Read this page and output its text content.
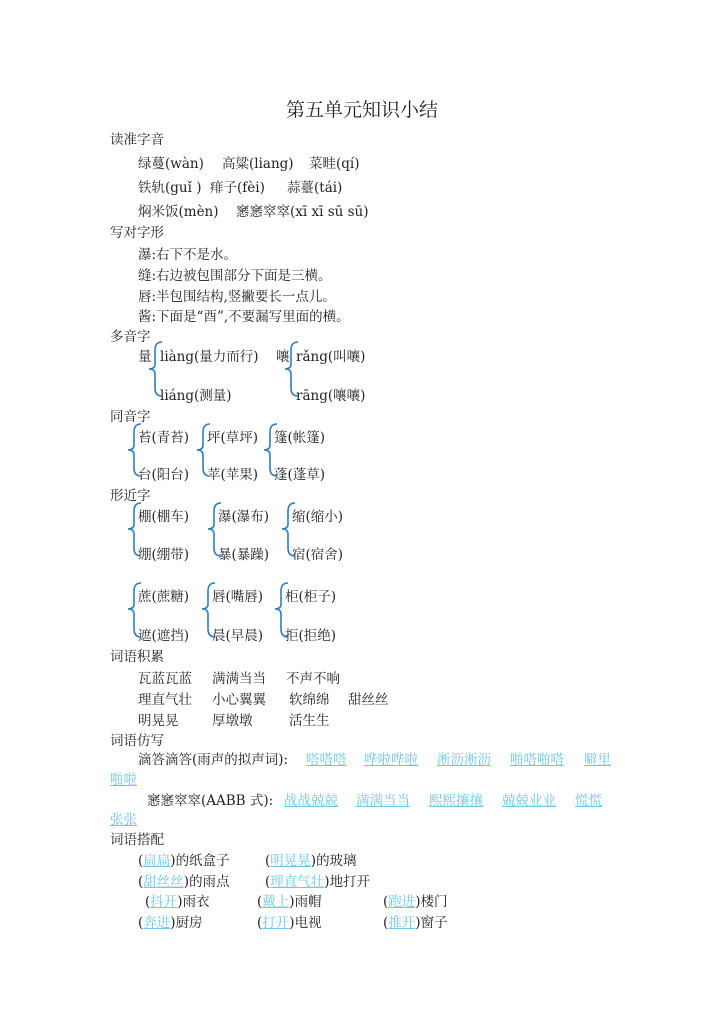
第五单元知识小结
读准字音
绿蔓(wàn) 高粱(liang) 菜畦(qí)
铁轨(guǐ ) 痱子(fèi) 蒜薹(tái)
焖米饭(mèn) 窸窸窣窣(xī xī sū sū)
写对字形
瀑:右下不是水。
缝:右边被包围部分下面是三横。
唇:半包围结构,竖撇要长一点儿。
酱:下面是“酉”,不要漏写里面的横。
多音字
量 liàng(量力而行)
liáng(测量)
嚷 rǎng(叫嚷)
rāng(嚷嚷)
同音字
苔(青苔)
台(阳台)
坪(草坪)
苹(苹果)
篷(帐篷)
蓬(蓬草)
形近字
棚(棚车)
绷(绷带)
瀑(瀑布)
暴(暴躁)
缩(缩小)
宿(宿舍)
蔗(蔗糖)
遮(遮挡)
唇(嘴唇)
晨(早晨)
柜(柜子)
拒(拒绝)
词语积累
瓦蓝瓦蓝 满满当当 不声不响
理直气壮 小心翼翼 软绵绵 甜丝丝
明晃晃 厚墩墩	活生生
词语仿写
滴答滴答(雨声的拟声词): 嗒嗒嗒 哗啦哗啦 淅沥淅沥 啪嗒啪嗒 噼里
啪啦
窸窸窣窣(AABB 式): 战战兢兢 满满当当 熙熙攘攘 兢兢业业 慌慌
张张
词语搭配
(扁扁)的纸盒子	(明晃晃)的玻璃
(甜丝丝)的雨点	(理直气壮)地打开
(抖开)雨衣	(戴上)雨帽	(跑进)楼门
(奔进)厨房	(打开)电视	(推开)窗子
